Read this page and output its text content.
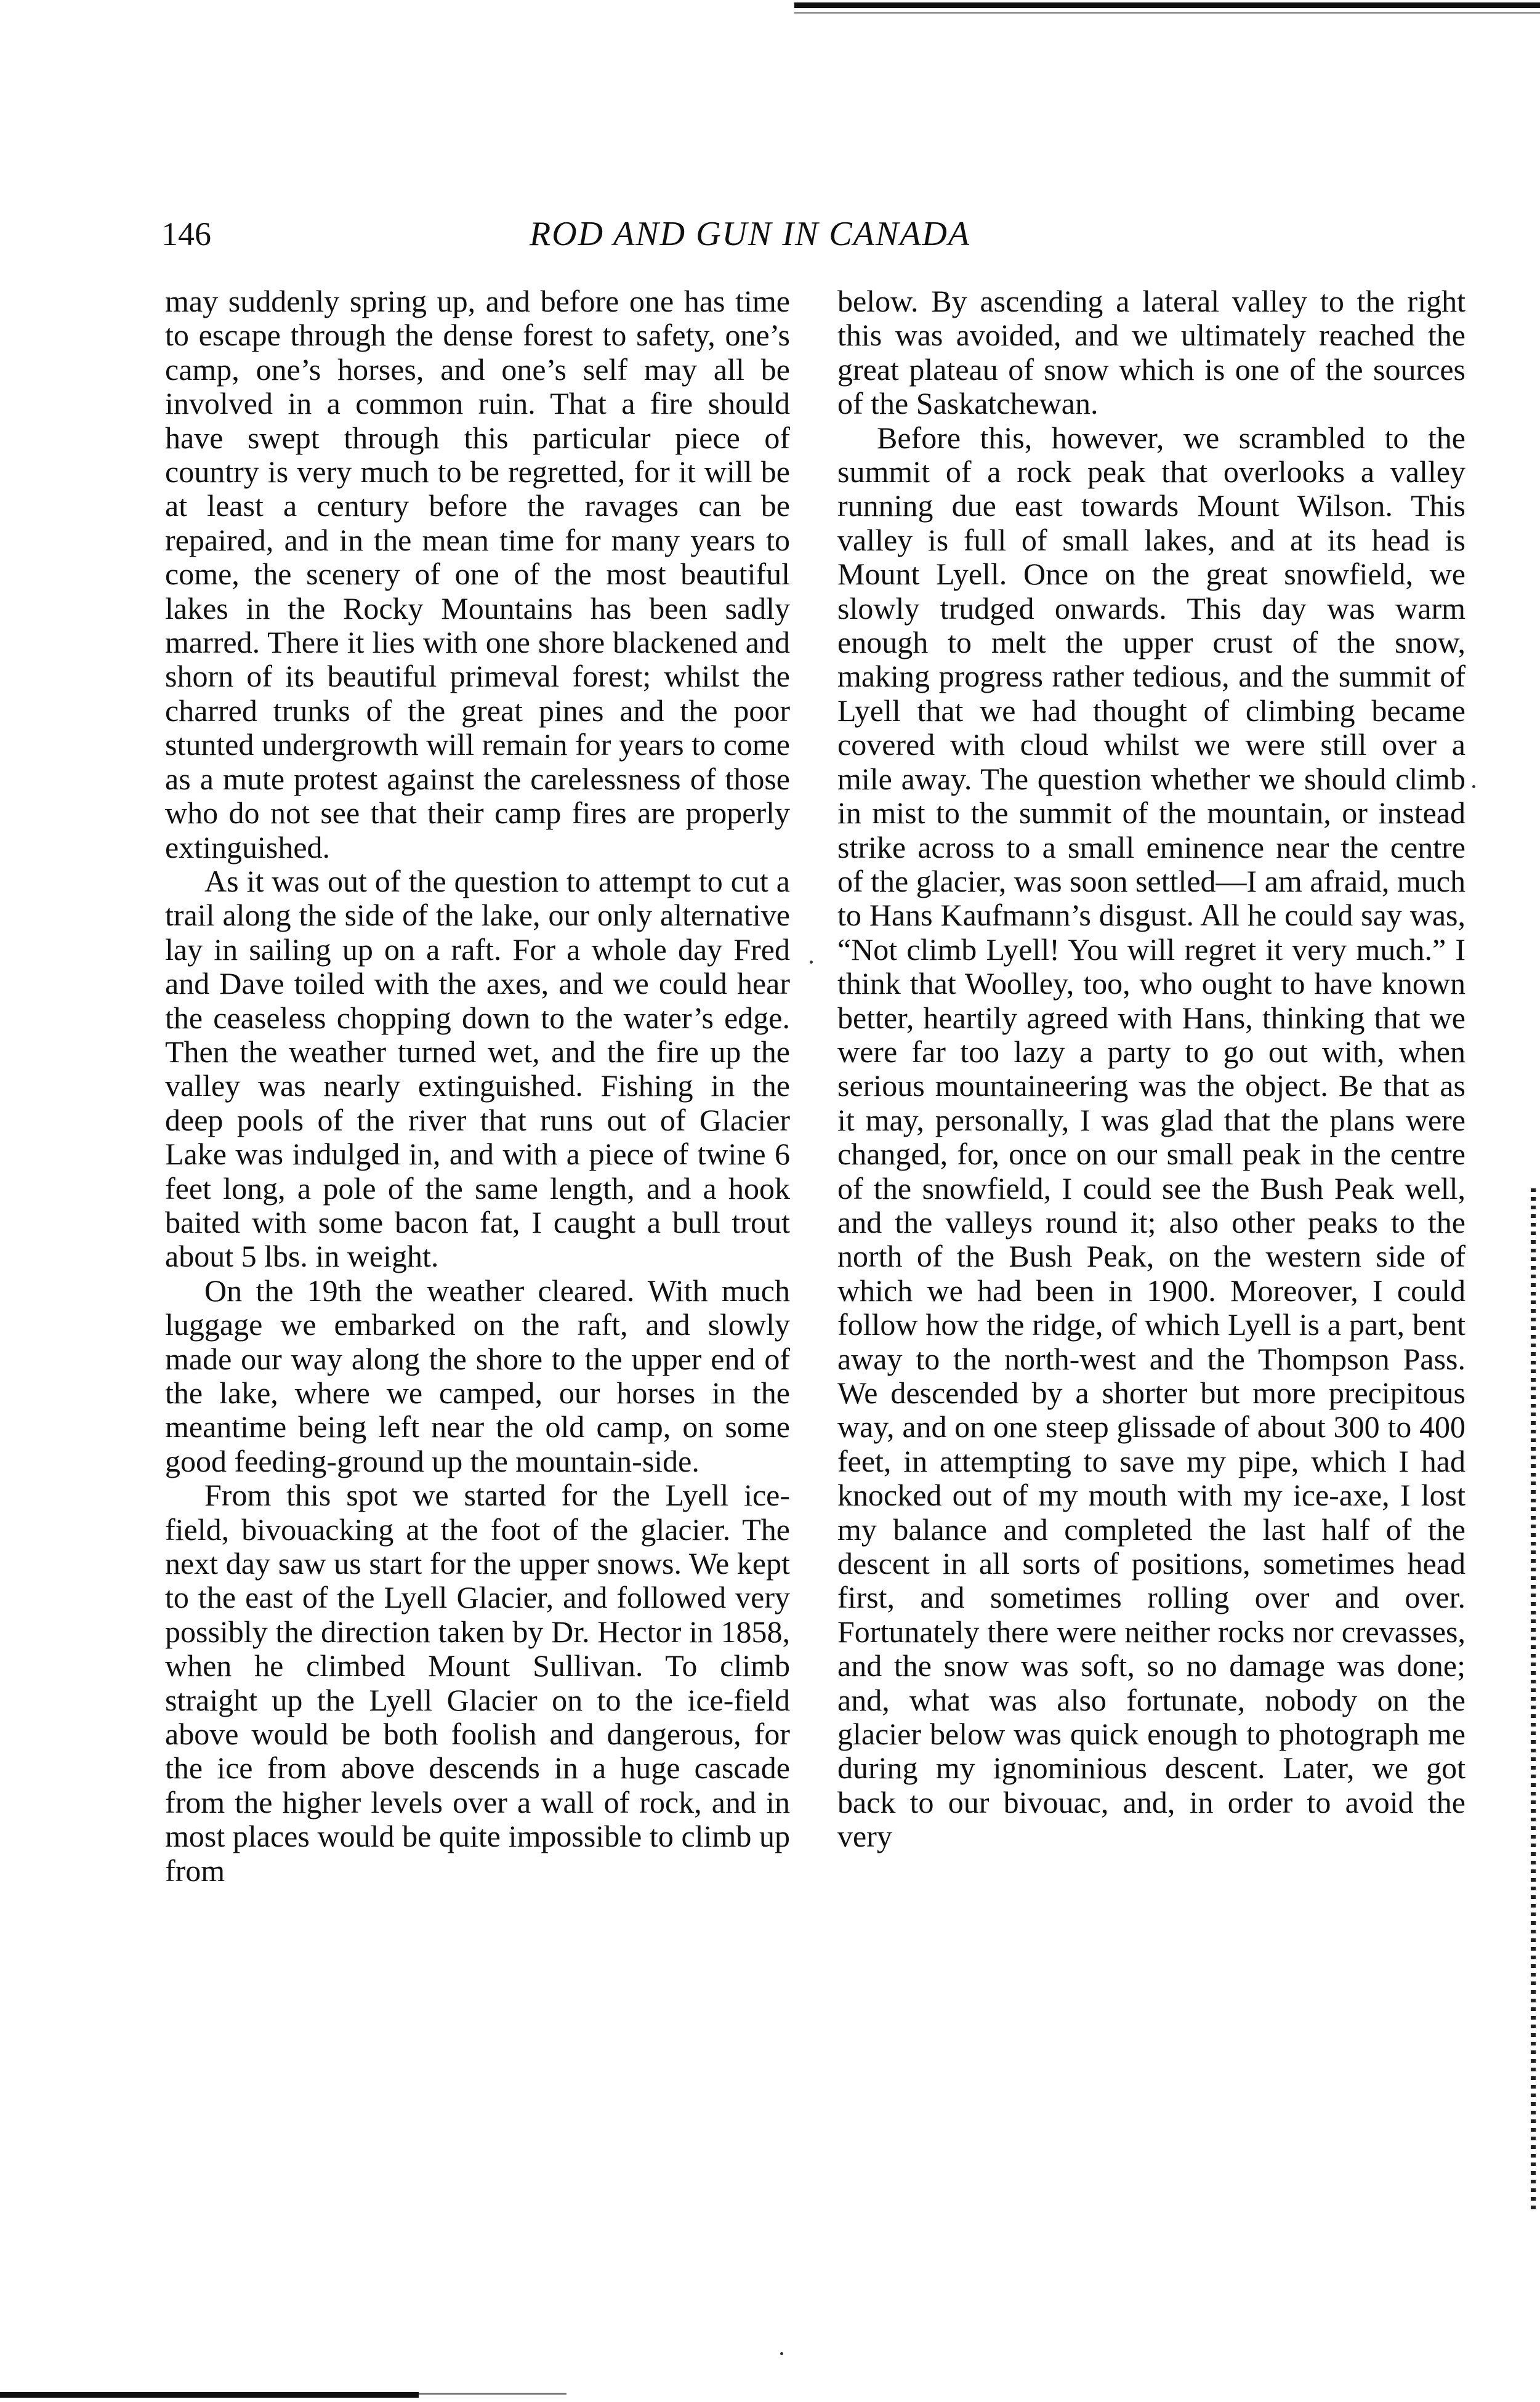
146	ROD AND GUN IN CANADA

may suddenly spring up, and before one has time to escape through the dense forest to safety, one’s camp, one’s horses, and one’s self may all be involved in a common ruin. That a fire should have swept through this particular piece of country is very much to be regretted, for it will be at least a century before the ravages can be repaired, and in the mean time for many years to come, the scenery of one of the most beautiful lakes in the Rocky Mountains has been sadly marred. There it lies with one shore blackened and shorn of its beautiful primeval forest; whilst the charred trunks of the great pines and the poor stunted undergrowth will remain for years to come as a mute protest against the carelessness of those who do not see that their camp fires are properly extinguished.

As it was out of the question to attempt to cut a trail along the side of the lake, our only alternative lay in sailing up on a raft. For a whole day Fred and Dave toiled with the axes, and we could hear the ceaseless chopping down to the water’s edge. Then the weather turned wet, and the fire up the valley was nearly extinguished. Fishing in the deep pools of the river that runs out of Glacier Lake was indulged in, and with a piece of twine 6 feet long, a pole of the same length, and a hook baited with some bacon fat, I caught a bull trout about 5 lbs. in weight.

On the 19th the weather cleared. With much luggage we embarked on the raft, and slowly made our way along the shore to the upper end of the lake, where we camped, our horses in the meantime being left near the old camp, on some good feeding-ground up the mountain-side.

From this spot we started for the Lyell ice-field, bivouacking at the foot of the glacier. The next day saw us start for the upper snows. We kept to the east of the Lyell Glacier, and followed very possibly the direction taken by Dr. Hector in 1858, when he climbed Mount Sullivan. To climb straight up the Lyell Glacier on to the ice-field above would be both foolish and dangerous, for the ice from above descends in a huge cascade from the higher levels over a wall of rock, and in most places would be quite impossible to climb up from

below. By ascending a lateral valley to the right this was avoided, and we ultimately reached the great plateau of snow which is one of the sources of the Saskatchewan.

Before this, however, we scrambled to the summit of a rock peak that overlooks a valley running due east towards Mount Wilson. This valley is full of small lakes, and at its head is Mount Lyell. Once on the great snowfield, we slowly trudged onwards. This day was warm enough to melt the upper crust of the snow, making progress rather tedious, and the summit of Lyell that we had thought of climbing became covered with cloud whilst we were still over a mile away. The question whether we should climb in mist to the summit of the mountain, or instead strike across to a small eminence near the centre of the glacier, was soon settled—I am afraid, much to Hans Kaufmann’s disgust. All he could say was, “Not climb Lyell! You will regret it very much.” I think that Woolley, too, who ought to have known better, heartily agreed with Hans, thinking that we were far too lazy a party to go out with, when serious mountaineering was the object. Be that as it may, personally, I was glad that the plans were changed, for, once on our small peak in the centre of the snowfield, I could see the Bush Peak well, and the valleys round it; also other peaks to the north of the Bush Peak, on the western side of which we had been in 1900. Moreover, I could follow how the ridge, of which Lyell is a part, bent away to the north-west and the Thompson Pass. We descended by a shorter but more precipitous way, and on one steep glissade of about 300 to 400 feet, in attempting to save my pipe, which I had knocked out of my mouth with my ice-axe, I lost my balance and completed the last half of the descent in all sorts of positions, sometimes head first, and sometimes rolling over and over. Fortunately there were neither rocks nor crevasses, and the snow was soft, so no damage was done; and, what was also fortunate, nobody on the glacier below was quick enough to photograph me during my ignominious descent. Later, we got back to our bivouac, and, in order to avoid the very
